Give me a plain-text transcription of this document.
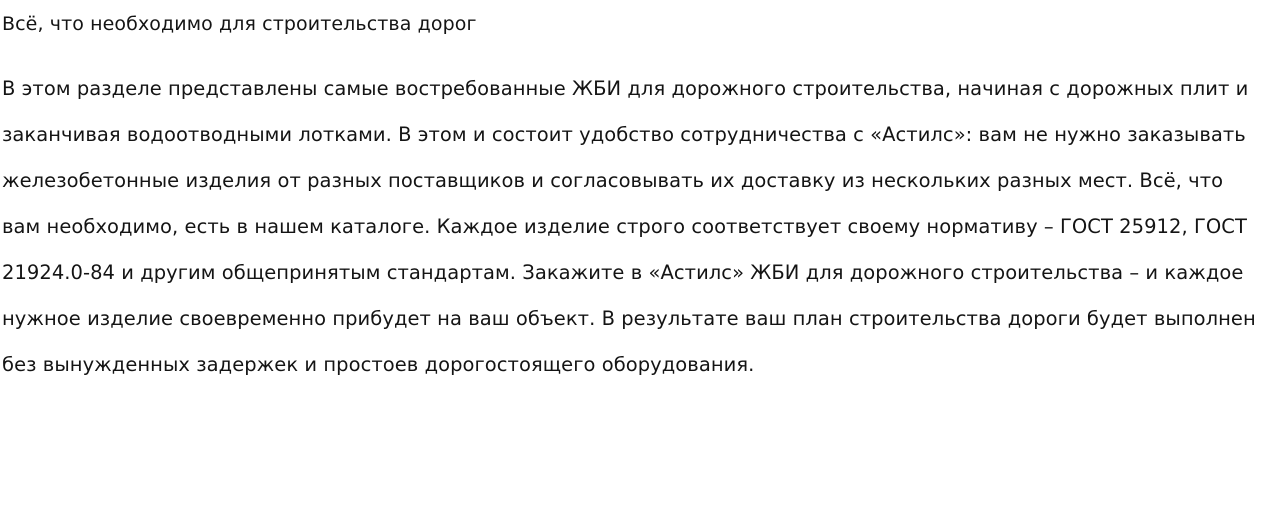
Всё, что необходимо для строительства дорог

В этом разделе представлены самые востребованные ЖБИ для дорожного строительства, начиная с дорожных плит и заканчивая водоотводными лотками. В этом и состоит удобство сотрудничества с «Астилс»: вам не нужно заказывать железобетонные изделия от разных поставщиков и согласовывать их доставку из нескольких разных мест. Всё, что вам необходимо, есть в нашем каталоге. Каждое изделие строго соответствует своему нормативу – ГОСТ 25912, ГОСТ 21924.0-84 и другим общепринятым стандартам. Закажите в «Астилс» ЖБИ для дорожного строительства – и каждое нужное изделие своевременно прибудет на ваш объект. В результате ваш план строительства дороги будет выполнен без вынужденных задержек и простоев дорогостоящего оборудования.
